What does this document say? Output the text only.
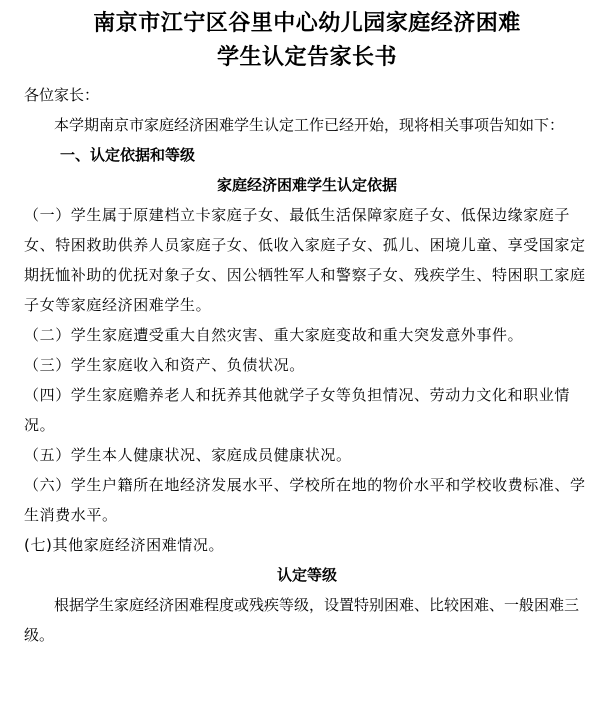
南京市江宁区谷里中心幼儿园家庭经济困难
学生认定告家长书

各位家长：

本学期南京市家庭经济困难学生认定工作已经开始，现将相关事项告知如下：

一、认定依据和等级

家庭经济困难学生认定依据

（一）学生属于原建档立卡家庭子女、最低生活保障家庭子女、低保边缘家庭子女、特困救助供养人员家庭子女、低收入家庭子女、孤儿、困境儿童、享受国家定期抚恤补助的优抚对象子女、因公牺牲军人和警察子女、残疾学生、特困职工家庭子女等家庭经济困难学生。

（二）学生家庭遭受重大自然灾害、重大家庭变故和重大突发意外事件。

（三）学生家庭收入和资产、负债状况。

（四）学生家庭赡养老人和抚养其他就学子女等负担情况、劳动力文化和职业情况。

（五）学生本人健康状况、家庭成员健康状况。

（六）学生户籍所在地经济发展水平、学校所在地的物价水平和学校收费标准、学生消费水平。

(七)其他家庭经济困难情况。

认定等级

根据学生家庭经济困难程度或残疾等级，设置特别困难、比较困难、一般困难三级。
